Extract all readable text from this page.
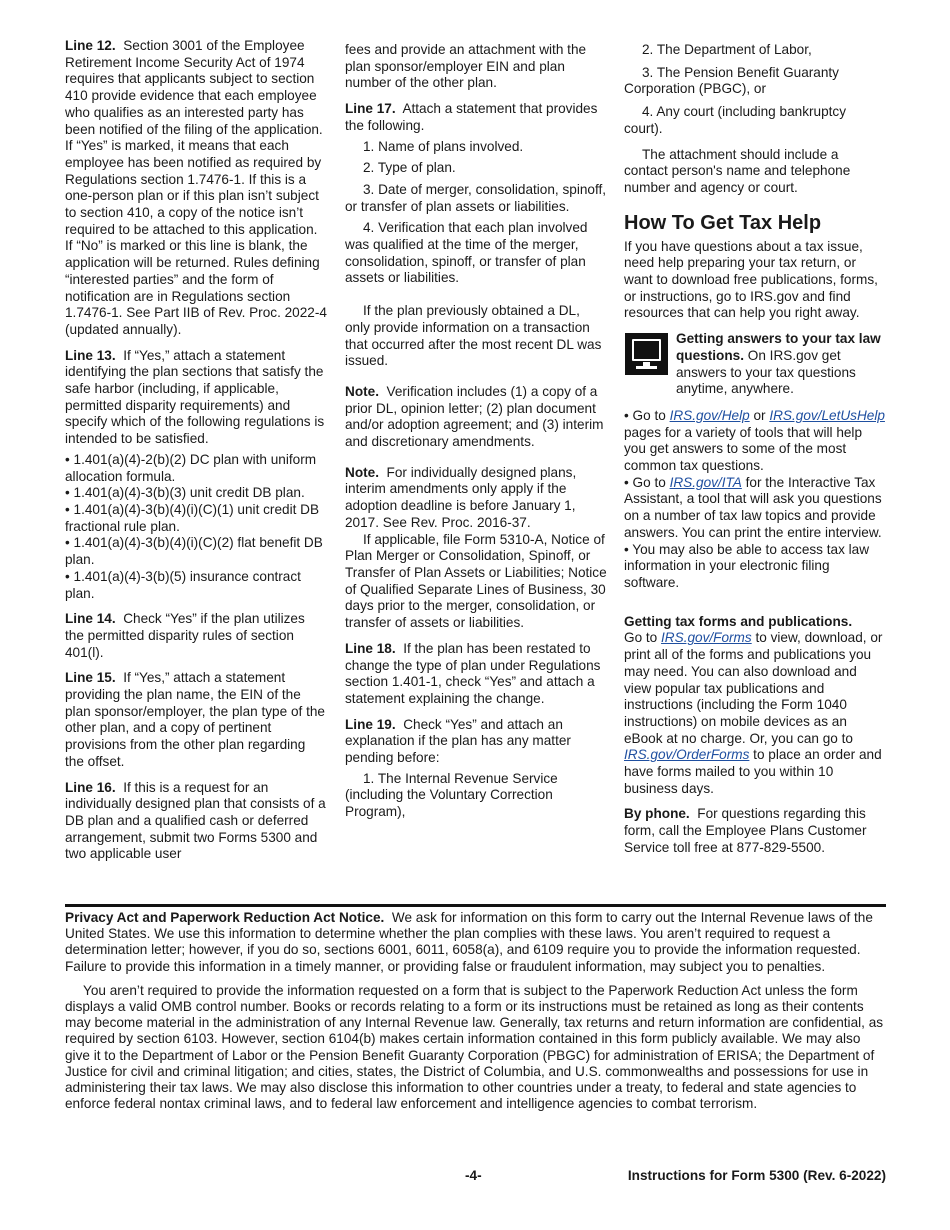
Line 12. Section 3001 of the Employee Retirement Income Security Act of 1974 requires that applicants subject to section 410 provide evidence that each employee who qualifies as an interested party has been notified of the filing of the application. If “Yes” is marked, it means that each employee has been notified as required by Regulations section 1.7476-1. If this is a one-person plan or if this plan isn’t subject to section 410, a copy of the notice isn’t required to be attached to this application. If “No” is marked or this line is blank, the application will be returned. Rules defining “interested parties” and the form of notification are in Regulations section 1.7476-1. See Part IIB of Rev. Proc. 2022-4 (updated annually).

Line 13. If “Yes,” attach a statement identifying the plan sections that satisfy the safe harbor (including, if applicable, permitted disparity requirements) and specify which of the following regulations is intended to be satisfied.

• 1.401(a)(4)-2(b)(2) DC plan with uniform allocation formula.
• 1.401(a)(4)-3(b)(3) unit credit DB plan.
• 1.401(a)(4)-3(b)(4)(i)(C)(1) unit credit DB fractional rule plan.
• 1.401(a)(4)-3(b)(4)(i)(C)(2) flat benefit DB plan.
• 1.401(a)(4)-3(b)(5) insurance contract plan.

Line 14. Check “Yes” if the plan utilizes the permitted disparity rules of section 401(l).

Line 15. If “Yes,” attach a statement providing the plan name, the EIN of the plan sponsor/employer, the plan type of the other plan, and a copy of pertinent provisions from the other plan regarding the offset.

Line 16. If this is a request for an individually designed plan that consists of a DB plan and a qualified cash or deferred arrangement, submit two Forms 5300 and two applicable user

fees and provide an attachment with the plan sponsor/employer EIN and plan number of the other plan.

Line 17. Attach a statement that provides the following.

1. Name of plans involved.
2. Type of plan.
3. Date of merger, consolidation, spinoff, or transfer of plan assets or liabilities.
4. Verification that each plan involved was qualified at the time of the merger, consolidation, spinoff, or transfer of plan assets or liabilities.

If the plan previously obtained a DL, only provide information on a transaction that occurred after the most recent DL was issued.

Note. Verification includes (1) a copy of a prior DL, opinion letter; (2) plan document and/or adoption agreement; and (3) interim and discretionary amendments.

Note. For individually designed plans, interim amendments only apply if the adoption deadline is before January 1, 2017. See Rev. Proc. 2016-37.

If applicable, file Form 5310-A, Notice of Plan Merger or Consolidation, Spinoff, or Transfer of Plan Assets or Liabilities; Notice of Qualified Separate Lines of Business, 30 days prior to the merger, consolidation, or transfer of assets or liabilities.

Line 18. If the plan has been restated to change the type of plan under Regulations section 1.401-1, check “Yes” and attach a statement explaining the change.

Line 19. Check “Yes” and attach an explanation if the plan has any matter pending before:

1. The Internal Revenue Service (including the Voluntary Correction Program),
2. The Department of Labor,
3. The Pension Benefit Guaranty Corporation (PBGC), or
4. Any court (including bankruptcy court).

The attachment should include a contact person's name and telephone number and agency or court.

How To Get Tax Help

If you have questions about a tax issue, need help preparing your tax return, or want to download free publications, forms, or instructions, go to IRS.gov and find resources that can help you right away.

Getting answers to your tax law questions. On IRS.gov get answers to your tax questions anytime, anywhere.
• Go to IRS.gov/Help or IRS.gov/LetUsHelp pages for a variety of tools that will help you get answers to some of the most common tax questions.
• Go to IRS.gov/ITA for the Interactive Tax Assistant, a tool that will ask you questions on a number of tax law topics and provide answers. You can print the entire interview.
• You may also be able to access tax law information in your electronic filing software.

Getting tax forms and publications.
Go to IRS.gov/Forms to view, download, or print all of the forms and publications you may need. You can also download and view popular tax publications and instructions (including the Form 1040 instructions) on mobile devices as an eBook at no charge. Or, you can go to IRS.gov/OrderForms to place an order and have forms mailed to you within 10 business days.

By phone. For questions regarding this form, call the Employee Plans Customer Service toll free at 877-829-5500.

Privacy Act and Paperwork Reduction Act Notice. We ask for information on this form to carry out the Internal Revenue laws of the United States. We use this information to determine whether the plan complies with these laws. You aren’t required to request a determination letter; however, if you do so, sections 6001, 6011, 6058(a), and 6109 require you to provide the information requested. Failure to provide this information in a timely manner, or providing false or fraudulent information, may subject you to penalties.

You aren’t required to provide the information requested on a form that is subject to the Paperwork Reduction Act unless the form displays a valid OMB control number. Books or records relating to a form or its instructions must be retained as long as their contents may become material in the administration of any Internal Revenue law. Generally, tax returns and return information are confidential, as required by section 6103. However, section 6104(b) makes certain information contained in this form publicly available. We may also give it to the Department of Labor or the Pension Benefit Guaranty Corporation (PBGC) for administration of ERISA; the Department of Justice for civil and criminal litigation; and cities, states, the District of Columbia, and U.S. commonwealths and possessions for use in administering their tax laws. We may also disclose this information to other countries under a treaty, to federal and state agencies to enforce federal nontax criminal laws, and to federal law enforcement and intelligence agencies to combat terrorism.

-4-	Instructions for Form 5300 (Rev. 6-2022)
